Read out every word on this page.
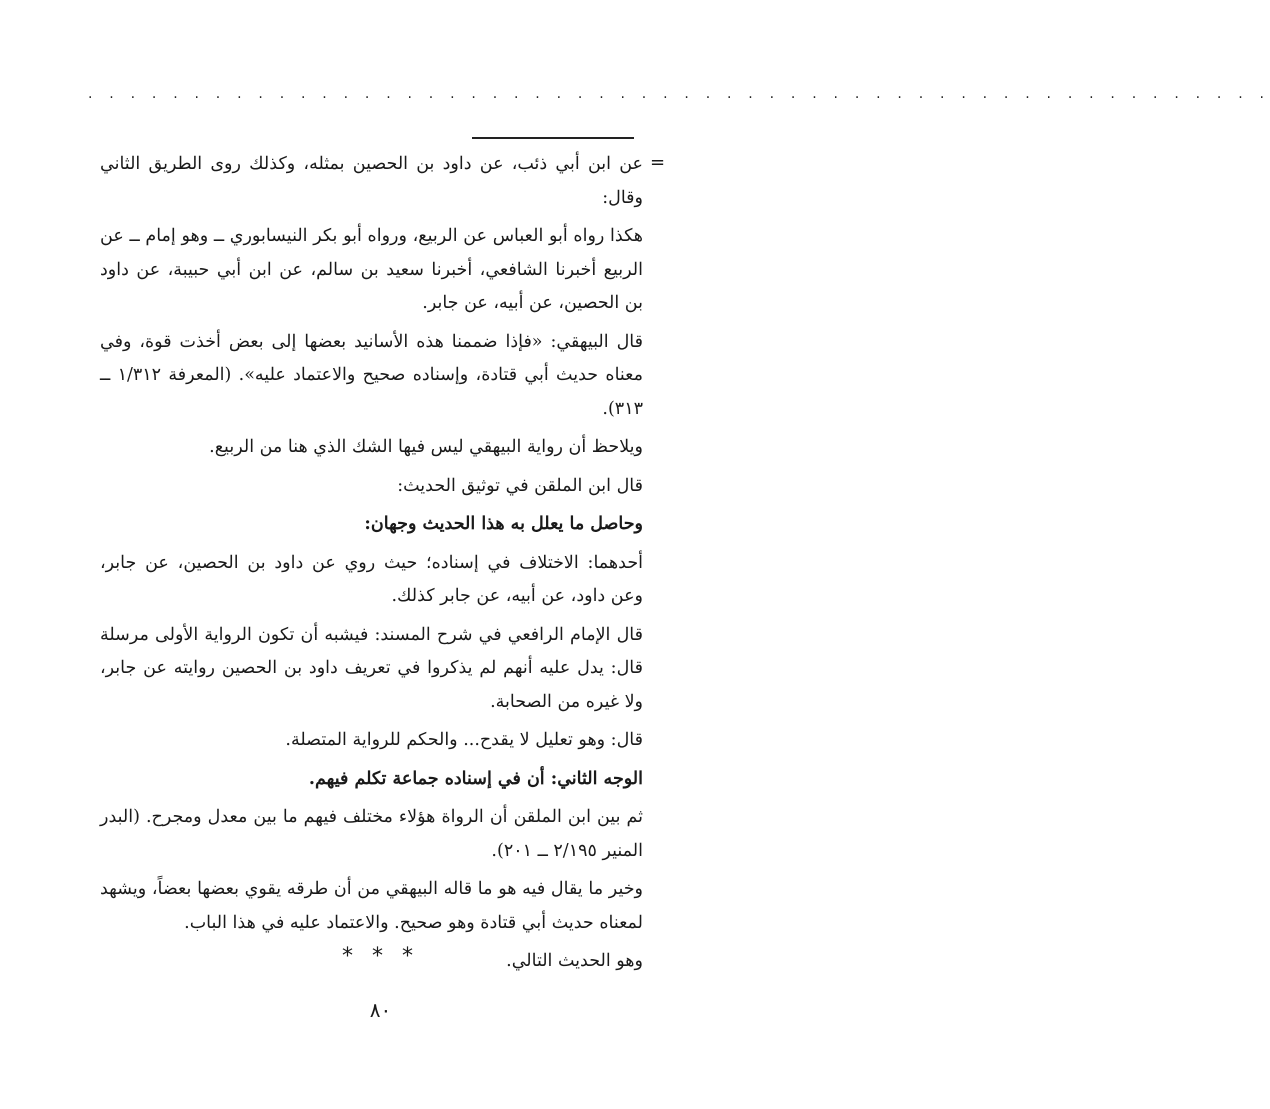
. . . . . . . . . . . . . . . . . . . . . . . . . . . . . . . . . . . . . . . . . . . . . . . . . . . . . . . .
=

عن ابن أبي ذئب، عن داود بن الحصين بمثله، وكذلك روى الطريق الثاني وقال:

هكذا رواه أبو العباس عن الربيع، ورواه أبو بكر النيسابوري ــ وهو إمام ــ عن الربيع أخبرنا الشافعي، أخبرنا سعيد بن سالم، عن ابن أبي حبيبة، عن داود بن الحصين، عن أبيه، عن جابر.

قال البيهقي: «فإذا ضممنا هذه الأسانيد بعضها إلى بعض أخذت قوة، وفي معناه حديث أبي قتادة، وإسناده صحيح والاعتماد عليه». (المعرفة ١/٣١٢ ــ ٣١٣).

ويلاحظ أن رواية البيهقي ليس فيها الشك الذي هنا من الربيع.

قال ابن الملقن في توثيق الحديث:

وحاصل ما يعلل به هذا الحديث وجهان:

أحدهما: الاختلاف في إسناده؛ حيث روي عن داود بن الحصين، عن جابر، وعن داود، عن أبيه، عن جابر كذلك.

قال الإمام الرافعي في شرح المسند: فيشبه أن تكون الرواية الأولى مرسلة قال: يدل عليه أنهم لم يذكروا في تعريف داود بن الحصين روايته عن جابر، ولا غيره من الصحابة.

قال: وهو تعليل لا يقدح... والحكم للرواية المتصلة.

الوجه الثاني: أن في إسناده جماعة تكلم فيهم.

ثم بين ابن الملقن أن الرواة هؤلاء مختلف فيهم ما بين معدل ومجرح. (البدر المنير ٢/١٩٥ ــ ٢٠١).

وخير ما يقال فيه هو ما قاله البيهقي من أن طرقه يقوي بعضها بعضاً، ويشهد لمعناه حديث أبي قتادة وهو صحيح. والاعتماد عليه في هذا الباب.

وهو الحديث التالي.

* * *
٨٠
